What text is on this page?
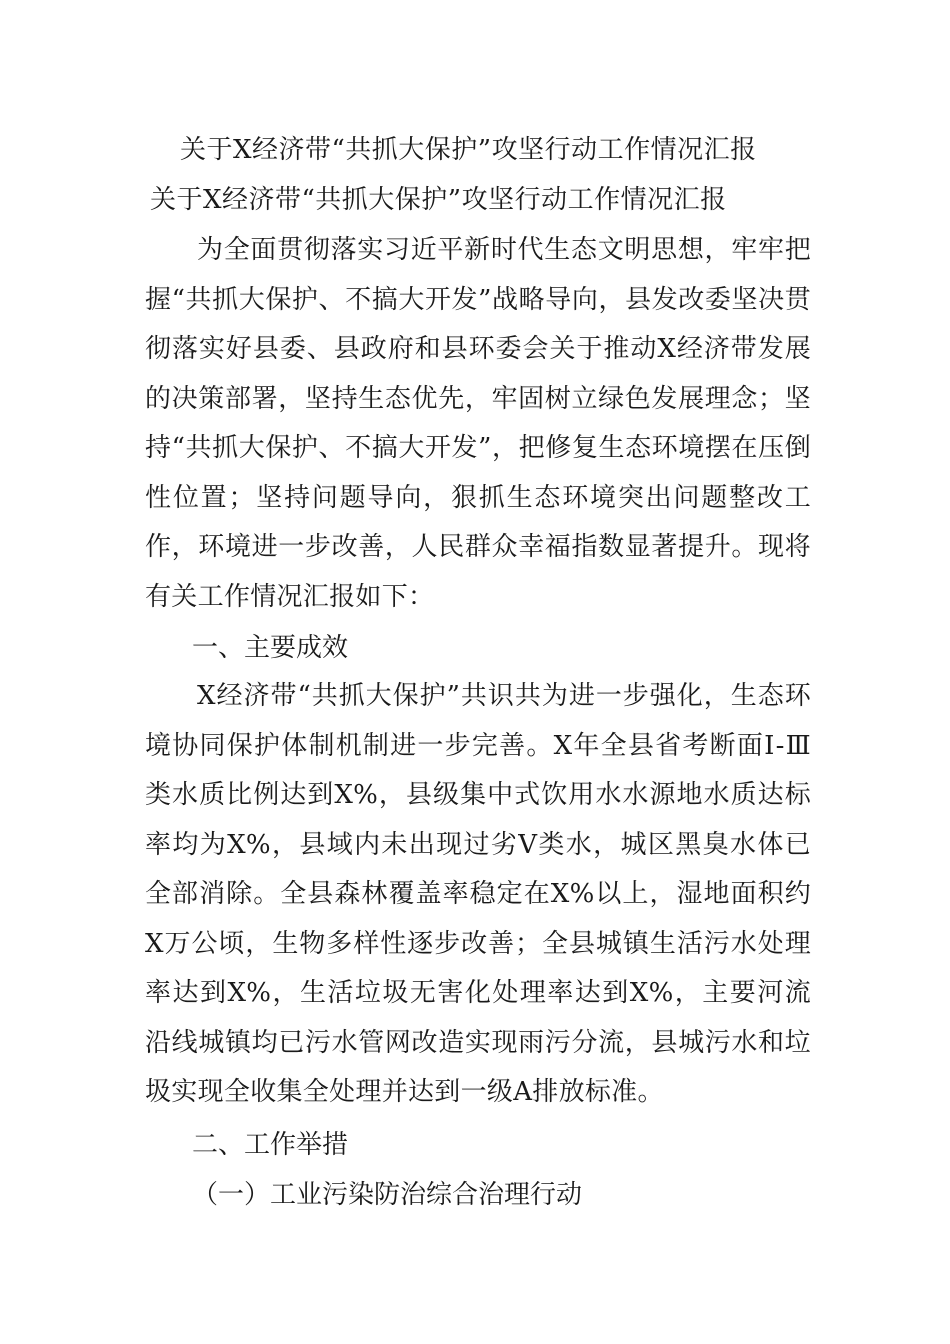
关于X经济带“共抓大保护”攻坚行动工作情况汇报
关于X经济带“共抓大保护”攻坚行动工作情况汇报

为全面贯彻落实习近平新时代生态文明思想，牢牢把握“共抓大保护、不搞大开发”战略导向，县发改委坚决贯彻落实好县委、县政府和县环委会关于推动X经济带发展的决策部署，坚持生态优先，牢固树立绿色发展理念；坚持“共抓大保护、不搞大开发”，把修复生态环境摆在压倒性位置；坚持问题导向，狠抓生态环境突出问题整改工作，环境进一步改善，人民群众幸福指数显著提升。现将有关工作情况汇报如下：

一、主要成效

X经济带“共抓大保护”共识共为进一步强化，生态环境协同保护体制机制进一步完善。X年全县省考断面Ⅰ-Ⅲ类水质比例达到X%，县级集中式饮用水水源地水质达标率均为X%，县域内未出现过劣Ⅴ类水，城区黑臭水体已全部消除。全县森林覆盖率稳定在X%以上，湿地面积约X万公顷，生物多样性逐步改善；全县城镇生活污水处理率达到X%，生活垃圾无害化处理率达到X%，主要河流沿线城镇均已污水管网改造实现雨污分流，县城污水和垃圾实现全收集全处理并达到一级A排放标准。

二、工作举措
（一）工业污染防治综合治理行动
